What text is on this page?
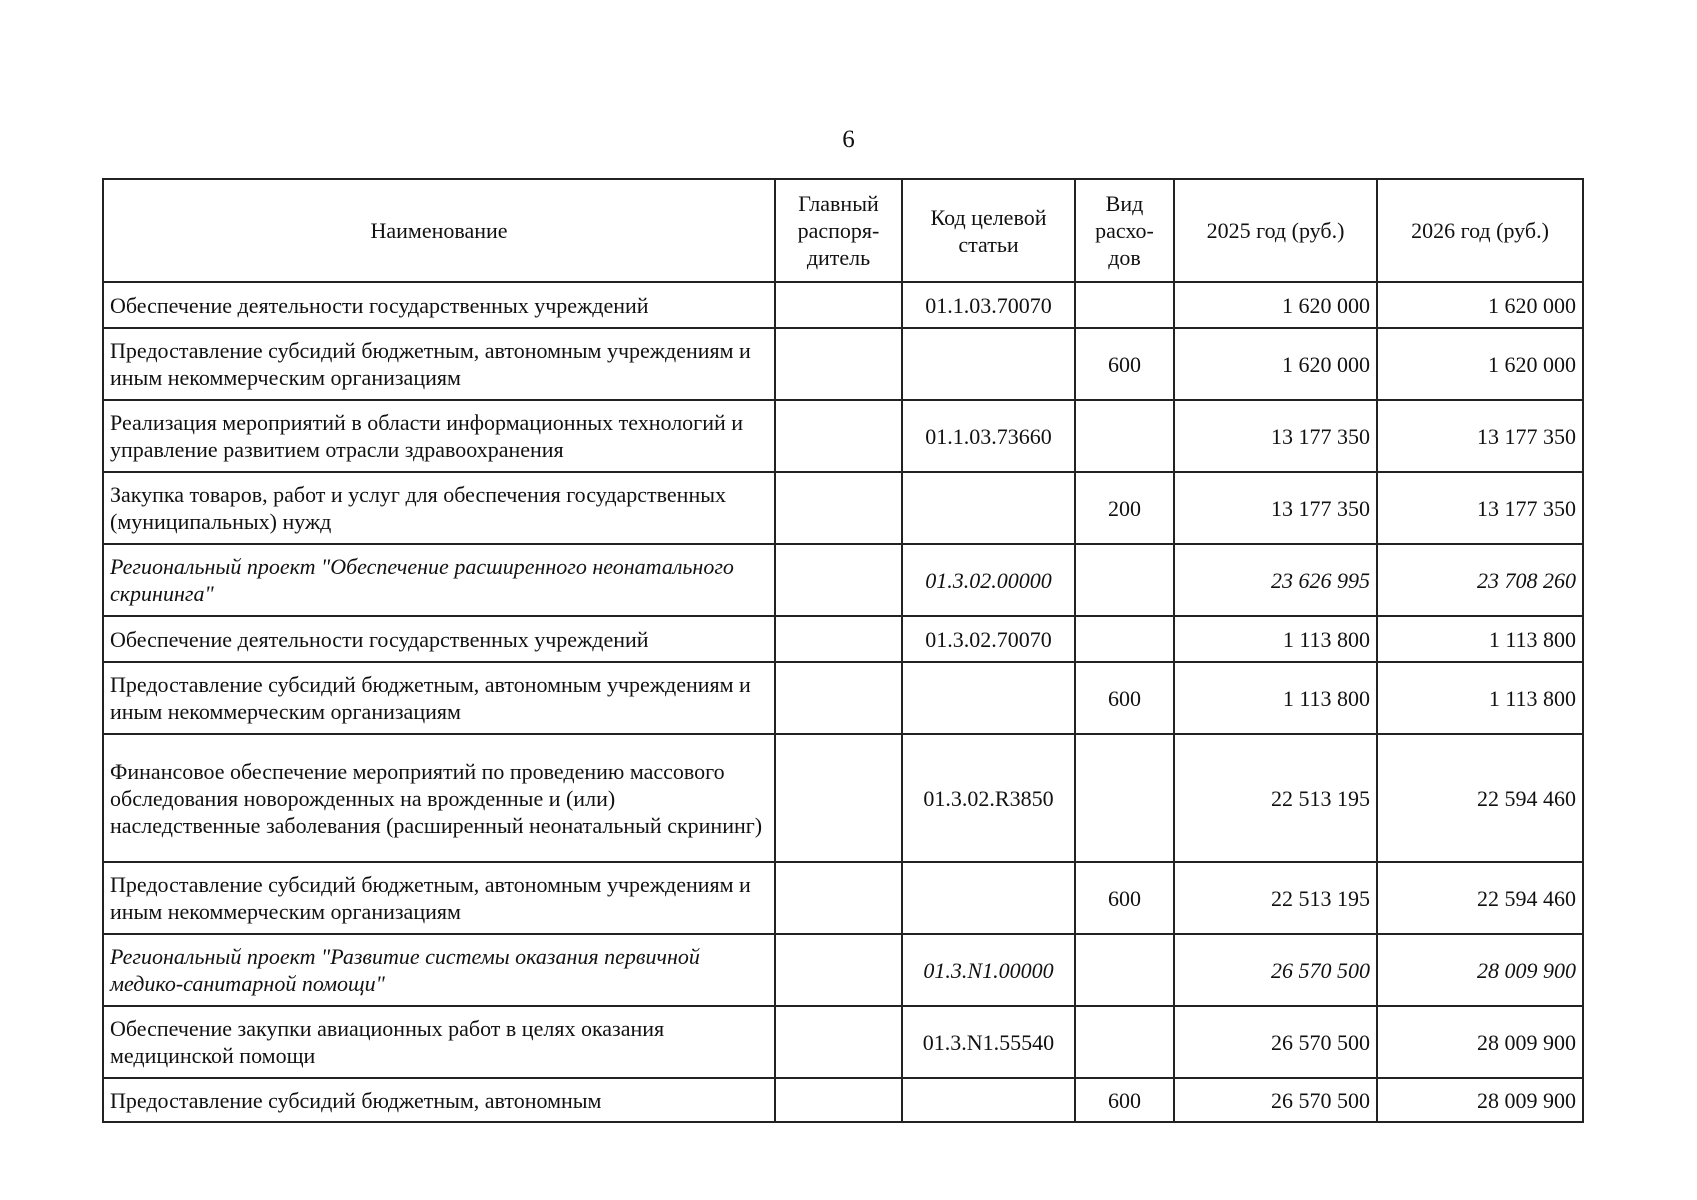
6
Наименование	Главный распоря-дитель	Код целевой статьи	Вид расхо-дов	2025 год (руб.)	2026 год (руб.)
Обеспечение деятельности государственных учреждений		01.1.03.70070		1 620 000	1 620 000
Предоставление субсидий бюджетным, автономным учреждениям и иным некоммерческим организациям			600	1 620 000	1 620 000
Реализация мероприятий в области информационных технологий и управление развитием отрасли здравоохранения		01.1.03.73660		13 177 350	13 177 350
Закупка товаров, работ и услуг для обеспечения государственных (муниципальных) нужд			200	13 177 350	13 177 350
Региональный проект "Обеспечение расширенного неонатального скрининга"		01.3.02.00000		23 626 995	23 708 260
Обеспечение деятельности государственных учреждений		01.3.02.70070		1 113 800	1 113 800
Предоставление субсидий бюджетным, автономным учреждениям и иным некоммерческим организациям			600	1 113 800	1 113 800
Финансовое обеспечение мероприятий по проведению массового обследования новорожденных на врожденные и (или) наследственные заболевания (расширенный неонатальный скрининг)		01.3.02.R3850		22 513 195	22 594 460
Предоставление субсидий бюджетным, автономным учреждениям и иным некоммерческим организациям			600	22 513 195	22 594 460
Региональный проект "Развитие системы оказания первичной медико-санитарной помощи"		01.3.N1.00000		26 570 500	28 009 900
Обеспечение закупки авиационных работ в целях оказания медицинской помощи		01.3.N1.55540		26 570 500	28 009 900
Предоставление субсидий бюджетным, автономным			600	26 570 500	28 009 900
